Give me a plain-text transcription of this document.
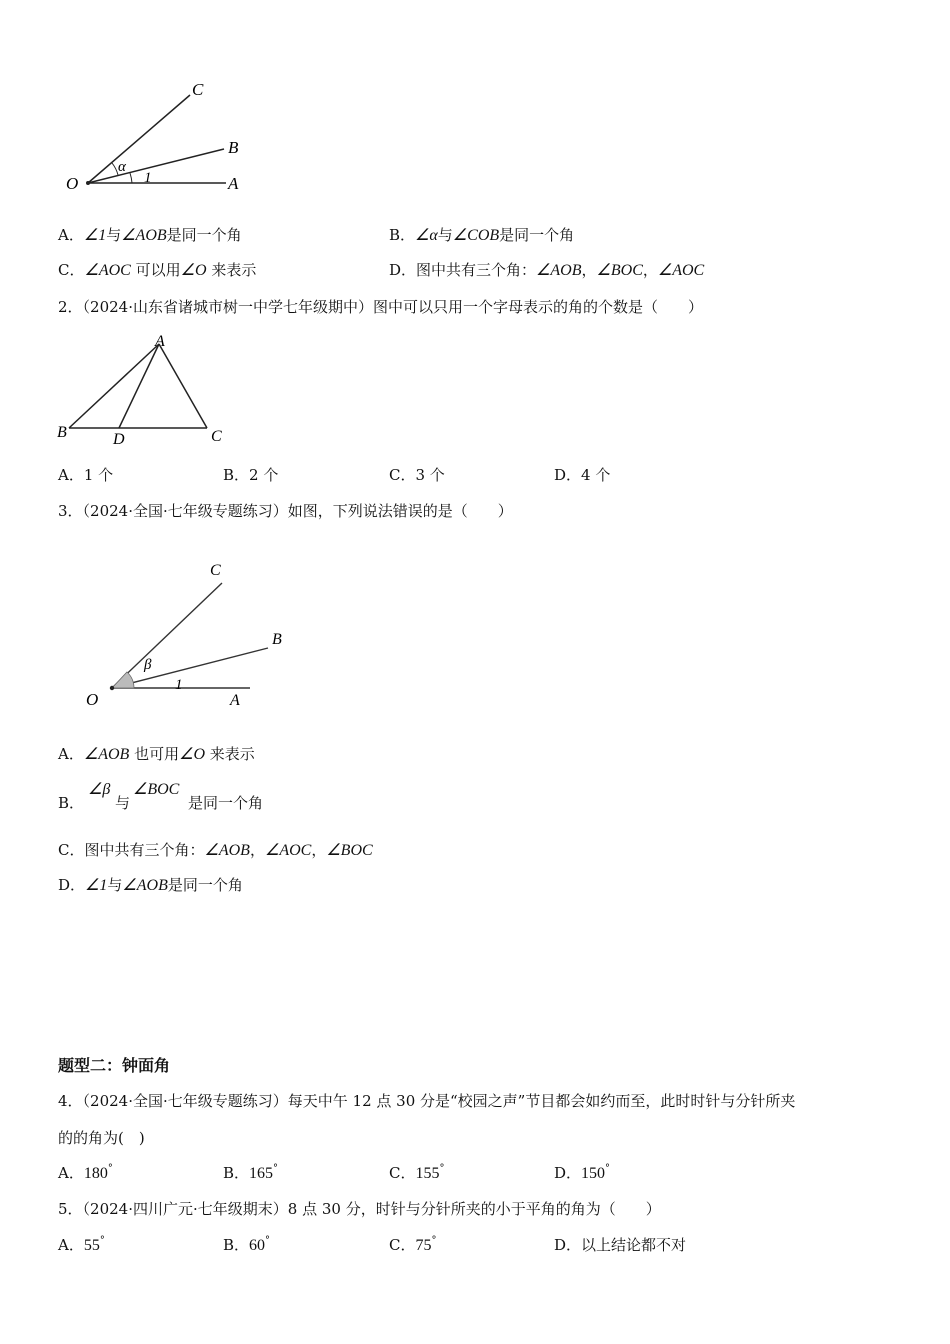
O	A
B
C
α
1
A．∠1与∠AOB是同一个角	B．∠α与∠COB是同一个角
C．∠AOC 可以用∠O 来表示	D．图中共有三个角：∠AOB，∠BOC，∠AOC
2．（2024·山东省诸城市树一中学七年级期中）图中可以只用一个字母表示的角的个数是（　　）
A
B	C
D
A．1 个	B．2 个	C．3 个	D．4 个
3．（2024·全国·七年级专题练习）如图，下列说法错误的是（　　）
O	A
B
C
β
1
A．∠AOB 也可用∠O 来表示
B．
∠β
与
∠BOC
是同一个角
C．图中共有三个角：∠AOB，∠AOC，∠BOC
D．∠1与∠AOB是同一个角
题型二：钟面角
4．（2024·全国·七年级专题练习）每天中午 12 点 30 分是“校园之声”节目都会如约而至，此时时针与分针所夹
的的角为(　)
A．180°	B．165°	C．155°	D．150°
5．（2024·四川广元·七年级期末）8 点 30 分，时针与分针所夹的小于平角的角为（　　）
A．55°	B．60°	C．75°	D．以上结论都不对
